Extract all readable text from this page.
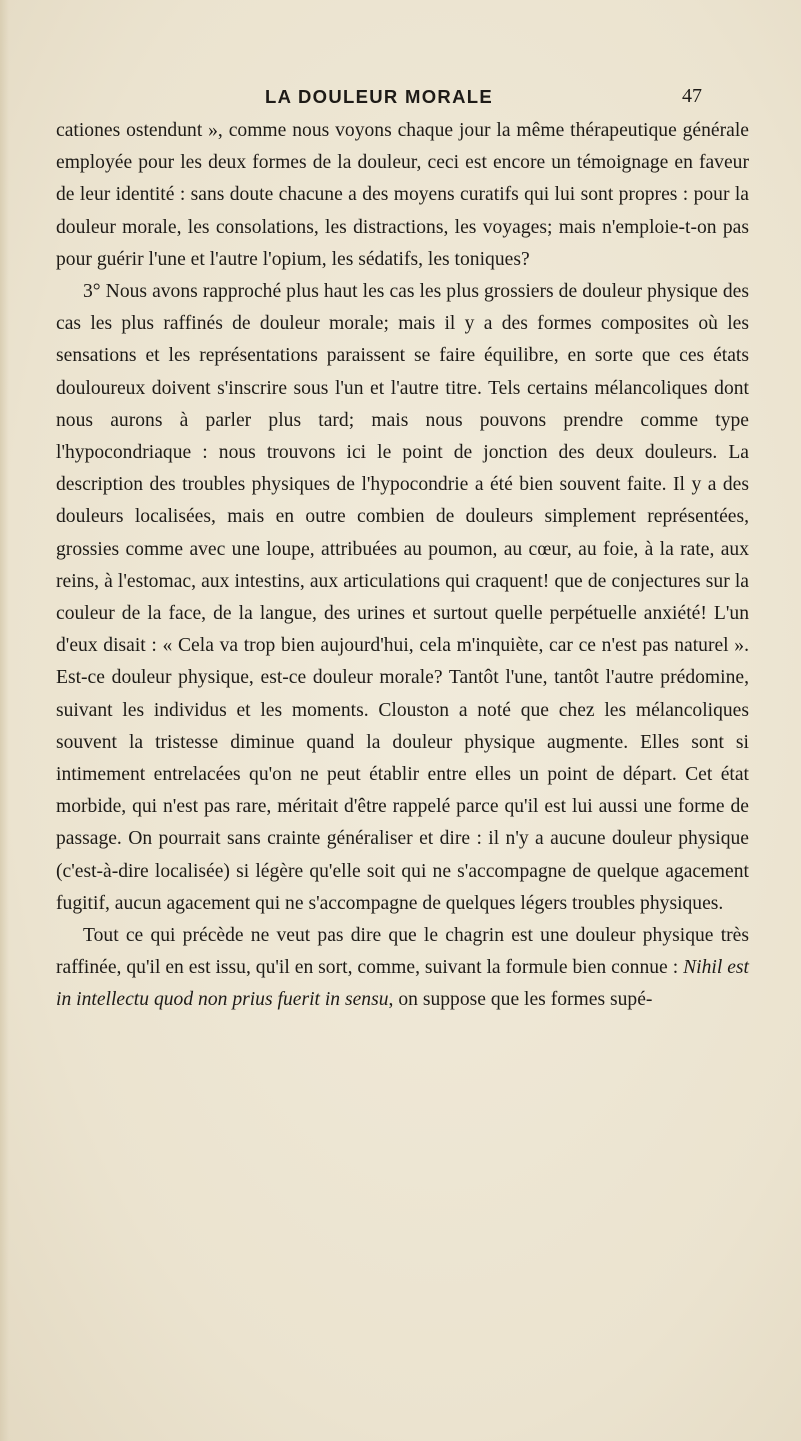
LA DOULEUR MORALE	47

cationes ostendunt », comme nous voyons chaque jour la même thérapeutique générale employée pour les deux formes de la douleur, ceci est encore un témoignage en faveur de leur identité : sans doute chacune a des moyens curatifs qui lui sont propres : pour la douleur morale, les consolations, les distractions, les voyages; mais n'emploie-t-on pas pour guérir l'une et l'autre l'opium, les sédatifs, les toniques?

3° Nous avons rapproché plus haut les cas les plus grossiers de douleur physique des cas les plus raffinés de douleur morale; mais il y a des formes composites où les sensations et les représentations paraissent se faire équilibre, en sorte que ces états douloureux doivent s'inscrire sous l'un et l'autre titre. Tels certains mélancoliques dont nous aurons à parler plus tard; mais nous pouvons prendre comme type l'hypocondriaque : nous trouvons ici le point de jonction des deux douleurs. La description des troubles physiques de l'hypocondrie a été bien souvent faite. Il y a des douleurs localisées, mais en outre combien de douleurs simplement représentées, grossies comme avec une loupe, attribuées au poumon, au cœur, au foie, à la rate, aux reins, à l'estomac, aux intestins, aux articulations qui craquent! que de conjectures sur la couleur de la face, de la langue, des urines et surtout quelle perpétuelle anxiété! L'un d'eux disait : « Cela va trop bien aujourd'hui, cela m'inquiète, car ce n'est pas naturel ». Est-ce douleur physique, est-ce douleur morale? Tantôt l'une, tantôt l'autre prédomine, suivant les individus et les moments. Clouston a noté que chez les mélancoliques souvent la tristesse diminue quand la douleur physique augmente. Elles sont si intimement entrelacées qu'on ne peut établir entre elles un point de départ. Cet état morbide, qui n'est pas rare, méritait d'être rappelé parce qu'il est lui aussi une forme de passage. On pourrait sans crainte généraliser et dire : il n'y a aucune douleur physique (c'est-à-dire localisée) si légère qu'elle soit qui ne s'accompagne de quelque agacement fugitif, aucun agacement qui ne s'accompagne de quelques légers troubles physiques.

Tout ce qui précède ne veut pas dire que le chagrin est une douleur physique très raffinée, qu'il en est issu, qu'il en sort, comme, suivant la formule bien connue : Nihil est in intellectu quod non prius fuerit in sensu, on suppose que les formes supé-
